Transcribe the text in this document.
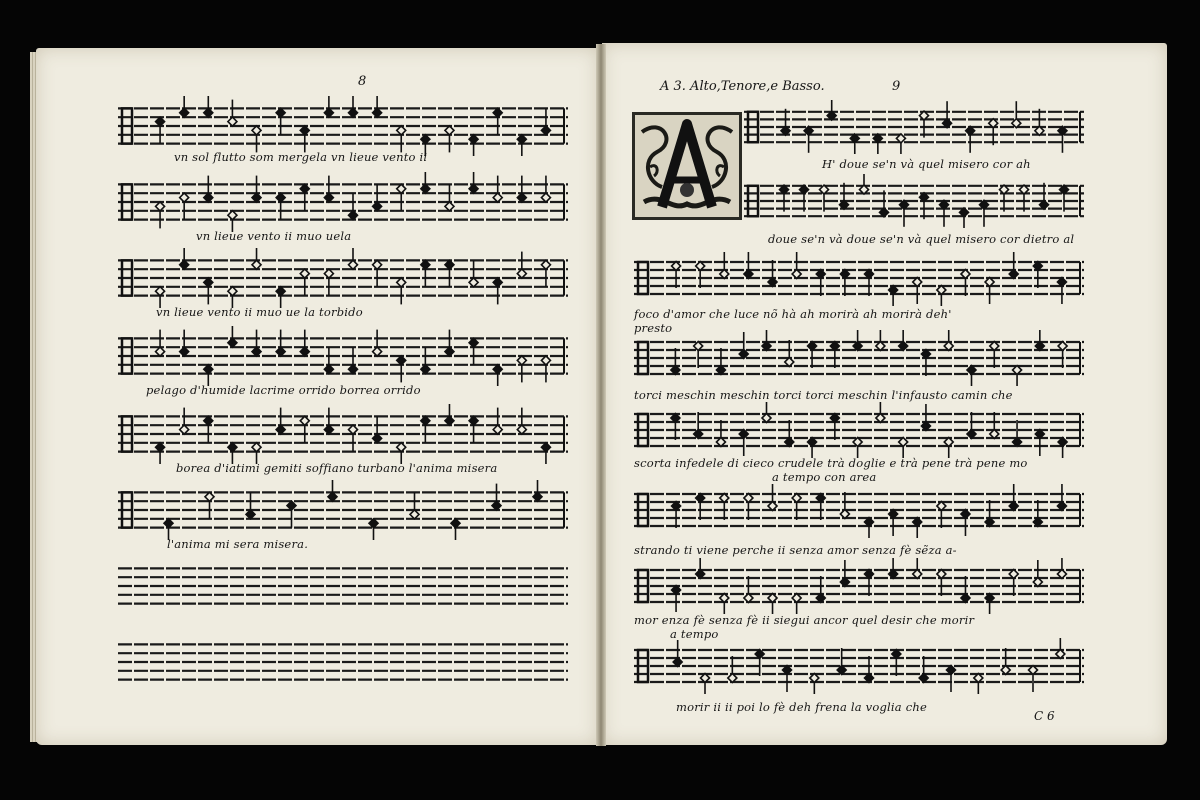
8
vn sol flutto som mergela vn lieue vento ii
vn lieue vento ii muo uela
vn lieue vento ii muo ue la torbido
pelago d'humide lacrime orrido borrea orrido
borea d'iatimi gemiti soffiano turbano l'anima misera
l'anima mi sera misera.
A 3. Alto,Tenore,e Basso.	9
H' doue se'n và quel misero cor ah
doue se'n và doue se'n và quel misero cor dietro al
foco d'amor che luce nõ hà ah morirà ah morirà deh'
presto
torci meschin meschin torci torci meschin l'infausto camin che
scorta infedele di cieco crudele trà doglie e trà pene trà pene mo
a tempo con area
strando ti viene perche ii senza amor senza fè sẽza a-
mor enza fè senza fè ii siegui ancor quel desir che morir
a tempo
morir ii ii poi lo fè deh frena la voglia che
C 6
